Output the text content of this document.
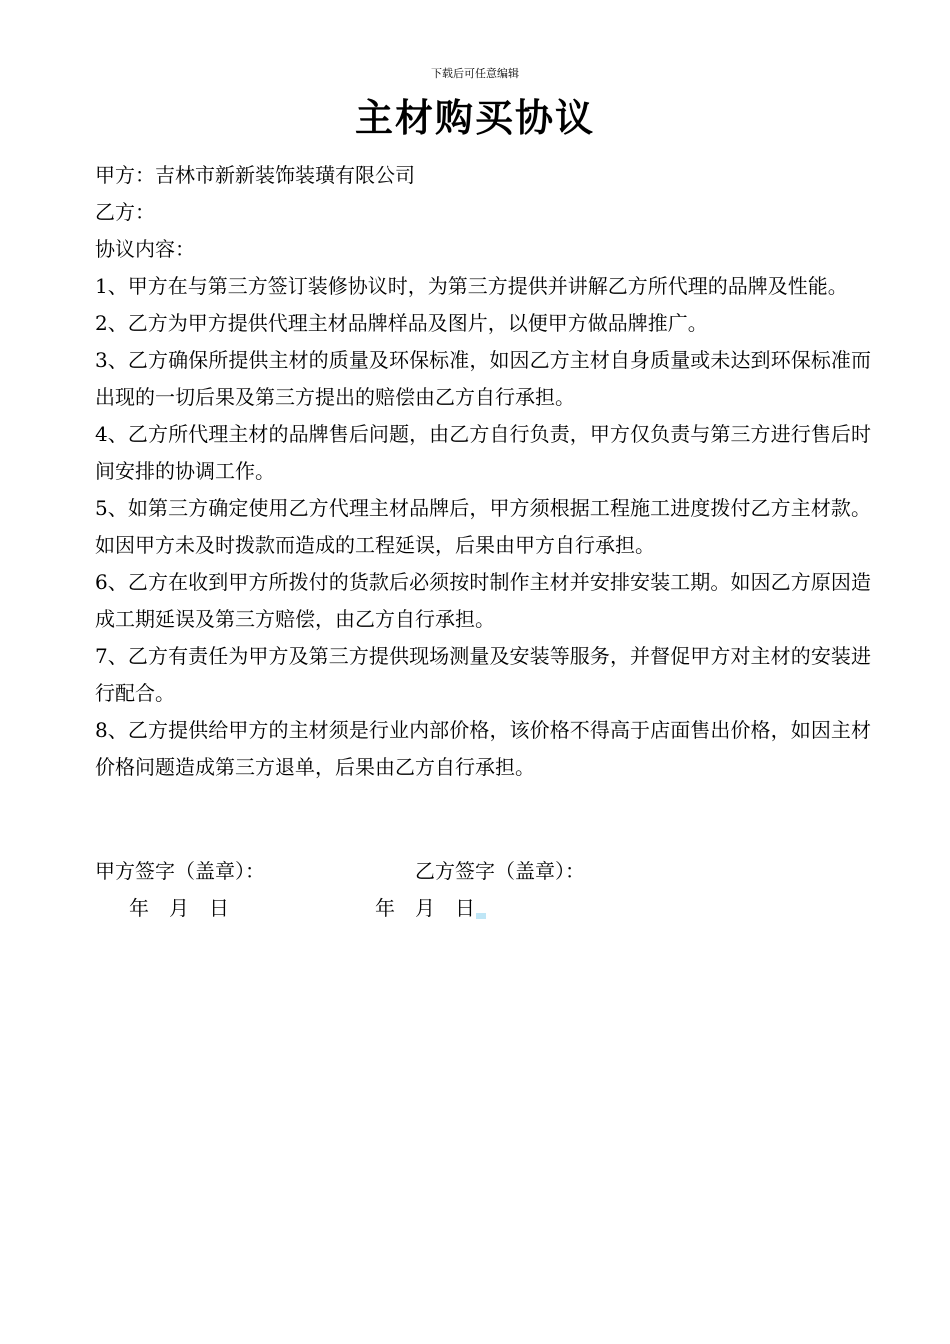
下载后可任意编辑
主材购买协议

甲方：吉林市新新装饰装璜有限公司

乙方：

协议内容：

1、甲方在与第三方签订装修协议时，为第三方提供并讲解乙方所代理的品牌及性能。

2、乙方为甲方提供代理主材品牌样品及图片，以便甲方做品牌推广。

3、乙方确保所提供主材的质量及环保标准，如因乙方主材自身质量或未达到环保标准而出现的一切后果及第三方提出的赔偿由乙方自行承担。

4、乙方所代理主材的品牌售后问题，由乙方自行负责，甲方仅负责与第三方进行售后时间安排的协调工作。

5、如第三方确定使用乙方代理主材品牌后，甲方须根据工程施工进度拨付乙方主材款。如因甲方未及时拨款而造成的工程延误，后果由甲方自行承担。

6、乙方在收到甲方所拨付的货款后必须按时制作主材并安排安装工期。如因乙方原因造成工期延误及第三方赔偿，由乙方自行承担。

7、乙方有责任为甲方及第三方提供现场测量及安装等服务，并督促甲方对主材的安装进行配合。

8、乙方提供给甲方的主材须是行业内部价格，该价格不得高于店面售出价格，如因主材价格问题造成第三方退单，后果由乙方自行承担。

甲方签字（盖章）：	乙方签字（盖章）：
年　月　日	年　月　日
